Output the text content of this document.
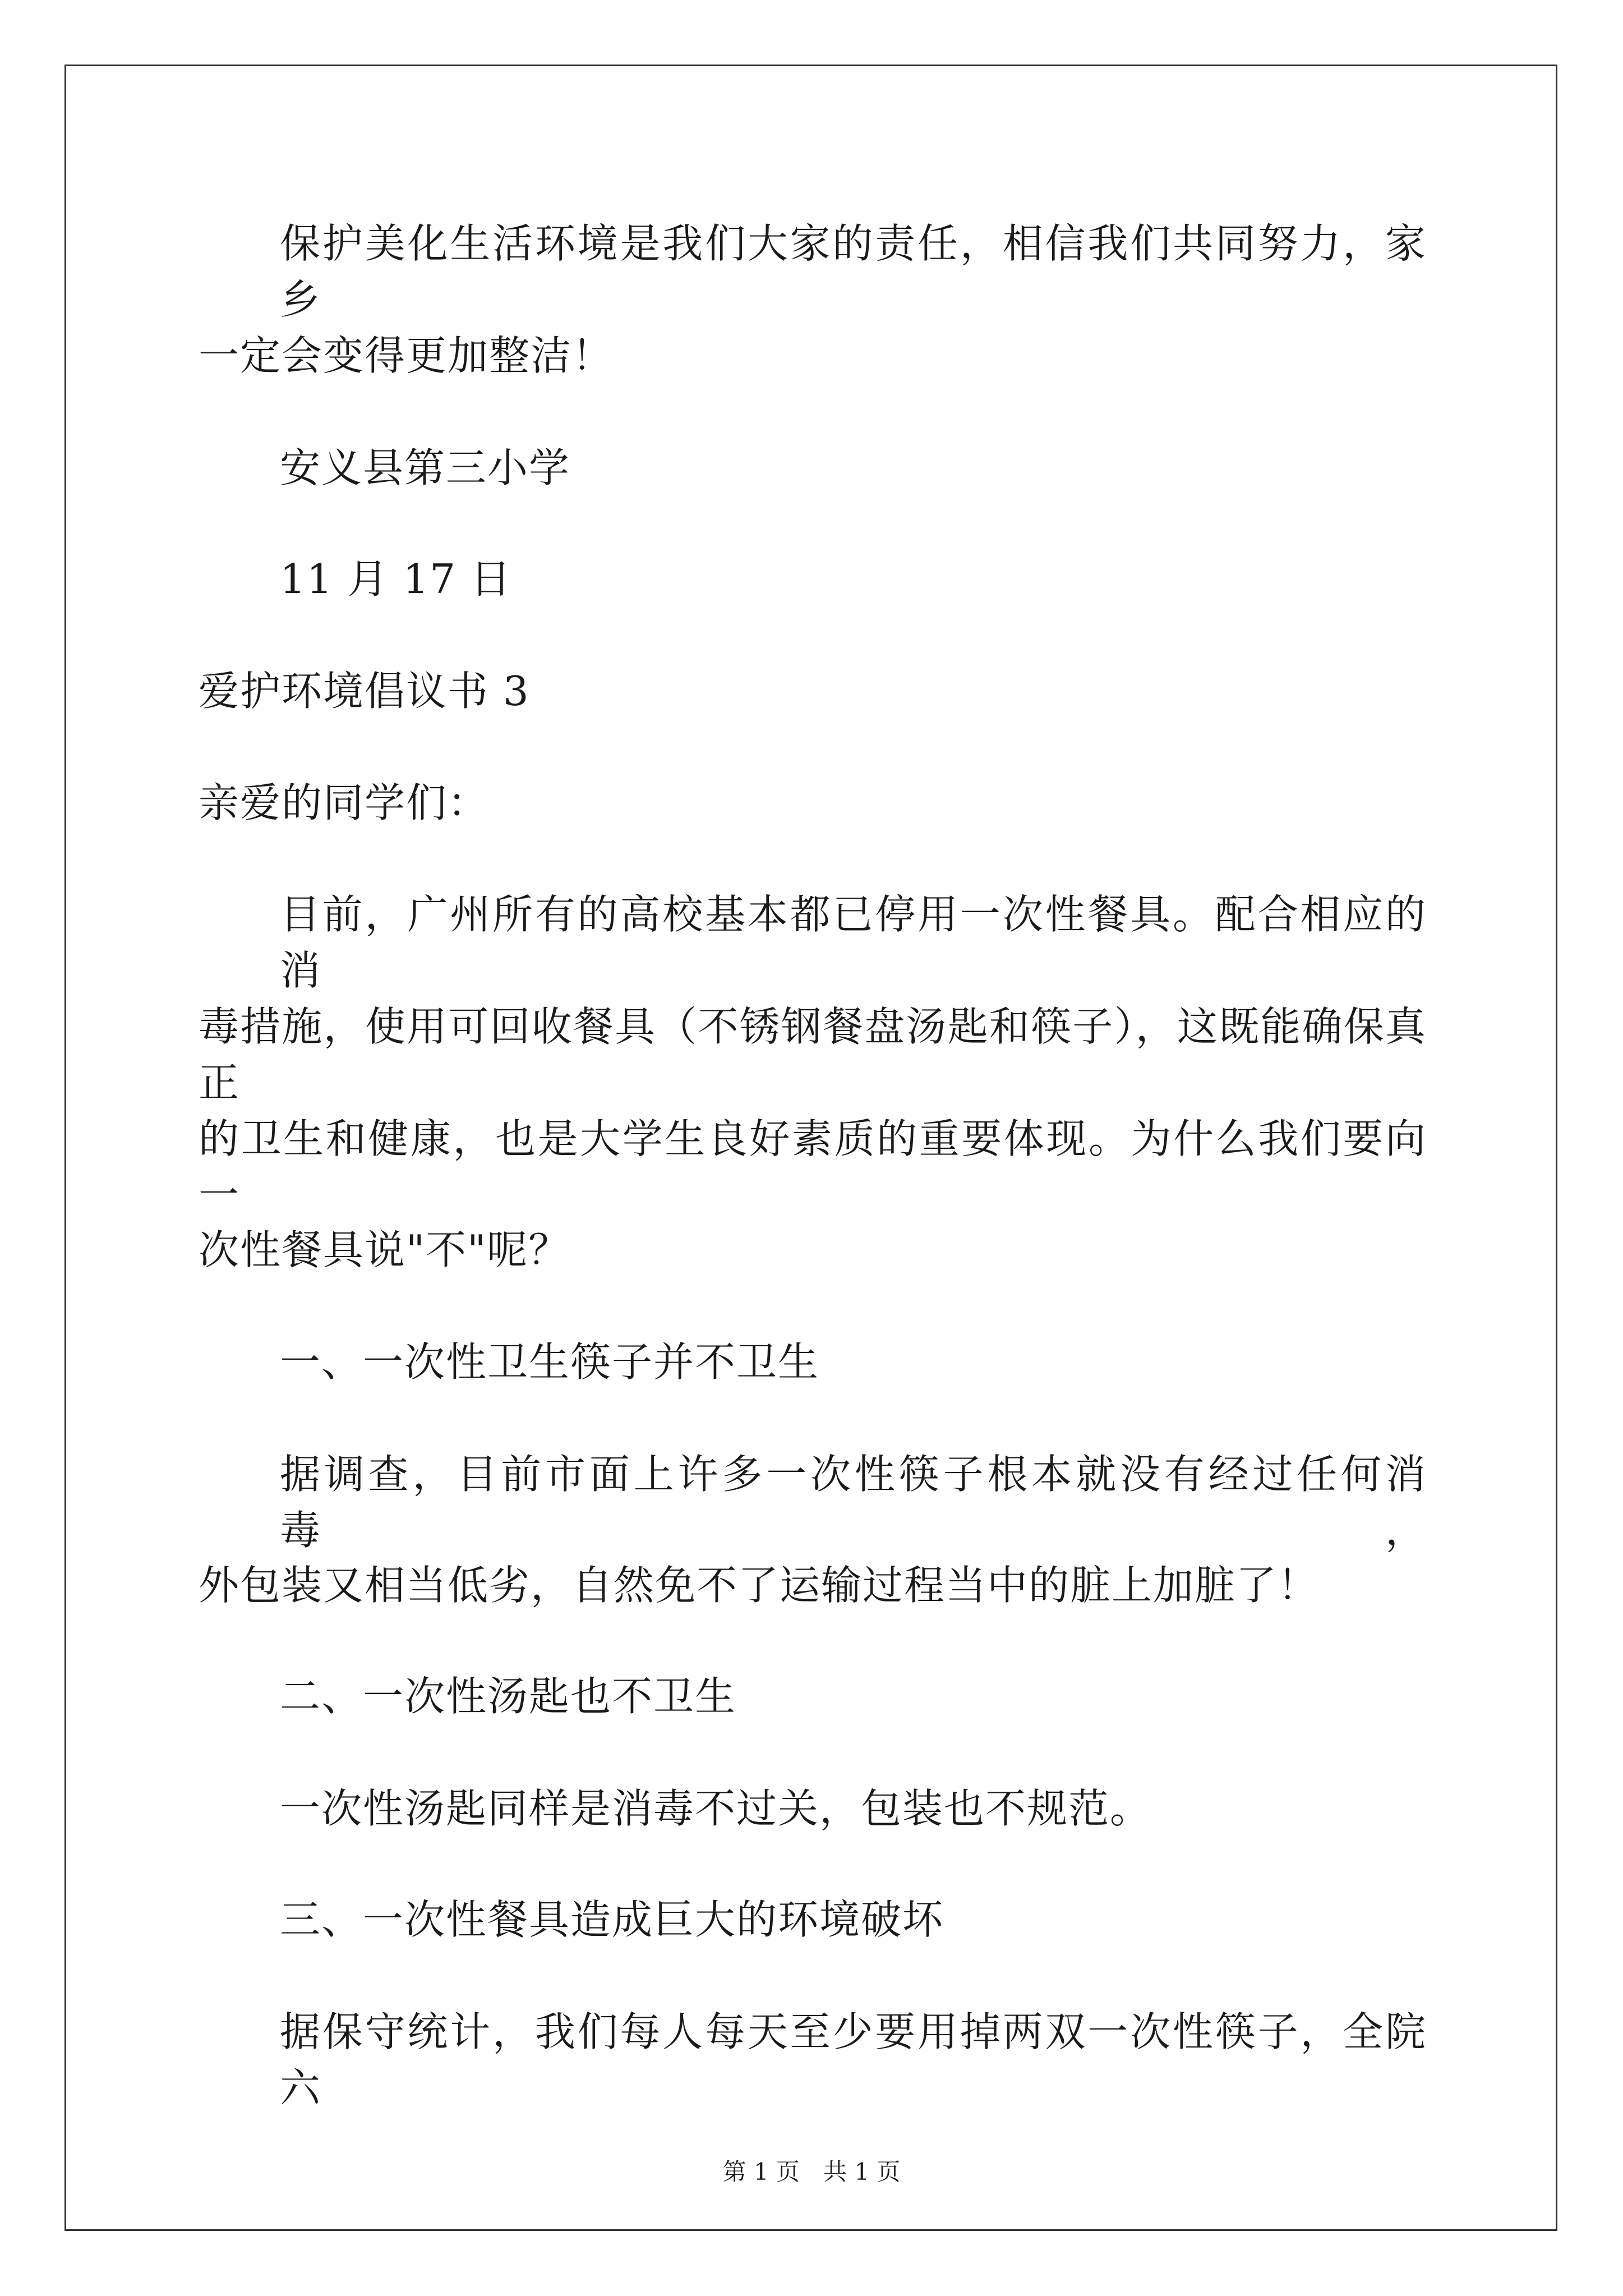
保护美化生活环境是我们大家的责任，相信我们共同努力，家乡
一定会变得更加整洁！
安义县第三小学
11 月 17 日
爱护环境倡议书 3
亲爱的同学们：
目前，广州所有的高校基本都已停用一次性餐具。配合相应的消
毒措施，使用可回收餐具（不锈钢餐盘汤匙和筷子），这既能确保真正
的卫生和健康，也是大学生良好素质的重要体现。为什么我们要向一
次性餐具说"不"呢？
一、一次性卫生筷子并不卫生
据调查，目前市面上许多一次性筷子根本就没有经过任何消毒，
外包装又相当低劣，自然免不了运输过程当中的脏上加脏了！
二、一次性汤匙也不卫生
一次性汤匙同样是消毒不过关，包装也不规范。
三、一次性餐具造成巨大的环境破坏
据保守统计，我们每人每天至少要用掉两双一次性筷子，全院六
第 1 页　共 1 页
